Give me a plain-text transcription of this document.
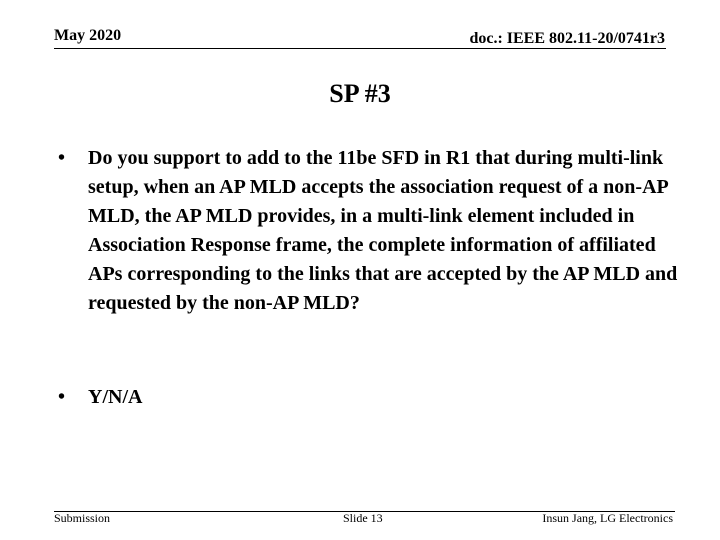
May 2020	doc.: IEEE 802.11-20/0741r3
SP #3
•	Do you support to add to the 11be SFD in R1 that during multi-link setup, when an AP MLD accepts the association request of a non-AP MLD, the AP MLD provides, in a multi-link element included in Association Response frame, the complete information of affiliated APs corresponding to the links that are accepted by the AP MLD and requested by the non-AP MLD?
•	Y/N/A
Submission	Slide 13	Insun Jang, LG Electronics
